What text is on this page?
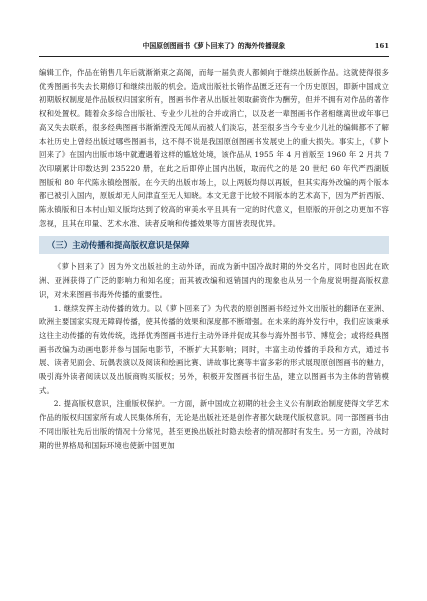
中国原创图画书《萝卜回来了》的海外传播现象	161

编辑工作，作品在销售几年后就渐渐束之高阁，而每一届负责人都倾向于继续出版新作品。这就使得很多优秀图画书失去长期修订和继续出版的机会。造成出版社长销作品匮乏还有一个历史原因，即新中国成立初期版权制度是作品版权归国家所有，图画书作者从出版社领取薪资作为酬劳，但并不拥有对作品的著作权和处置权。随着众多综合出版社、专业少儿社的合并或消亡，以及老一辈图画书作者相继离世或年事已高又失去联系，很多经典图画书渐渐湮没无闻从而被人们淡忘，甚至很多当今专业少儿社的编辑都不了解本社历史上曾经出版过哪些图画书，这不得不说是我国原创图画书发展史上的重大损失。事实上，《萝卜回来了》在国内出版市场中就遭遇着这样的尴尬处境，该作品从 1955 年 4 月首版至 1960 年 2 月共 7 次印刷累计印数达到 235220 册，在此之后即停止国内出版，取而代之的是 20 世纪 60 年代严西湖版图版和 80 年代陈永镇绘图版。在今天的出版市场上，以上两版均得以再版，但其实海外改编的两个版本都已被引入国内，原版却无人问津直至无人知晓。本文无意于比较不同版本的艺术高下，因为严折西版、陈永镇版和日本村山知义版均达到了较高的审美水平且具有一定的时代意义，但原版的开创之功更加不容忽视，且其在印量、艺术水准、读者反响和传播效果等方面皆表现优异。

（三）主动传播和提高版权意识是保障

《萝卜回来了》因为外文出版社的主动外译，而成为新中国冷战时期的外交名片，同时也因此在欧洲、亚洲获得了广泛的影响力和知名度；而其被改编和返销国内的现象也从另一个角度说明提高版权意识，对未来图画书海外传播的重要性。

1. 继续发挥主动传播的效力。以《萝卜回来了》为代表的原创图画书经过外文出版社的翻译在亚洲、欧洲主要国家实现无障碍传播，使其传播的效果和深度都不断增强。在未来的海外发行中，我们应该秉承这往主动传播的有效传统，选择优秀图画书进行主动外译并促成其参与海外图书节、博览会；或将经典图画书改编为动画电影并参与国际电影节，不断扩大其影响；同时，丰富主动传播的手段和方式，通过书展、读者见面会、玩偶表演以及阅读和绘画比赛、讲故事比赛等丰富多彩的形式展现原创图画书的魅力，吸引海外读者阅读以及出版商购买版权；另外，积极开发图画书衍生品，建立以图画书为主体的营销模式。

2. 提高版权意识，注重版权保护。一方面，新中国成立初期的社会主义公有制政治制度使得文学艺术作品的版权归国家所有或人民集体所有，无论是出版社还是创作者都欠缺现代版权意识。同一部图画书由不同出版社先后出版的情况十分常见，甚至更换出版社时隐去绘者的情况都时有发生。另一方面，冷战时期的世界格局和国际环境也使新中国更加
